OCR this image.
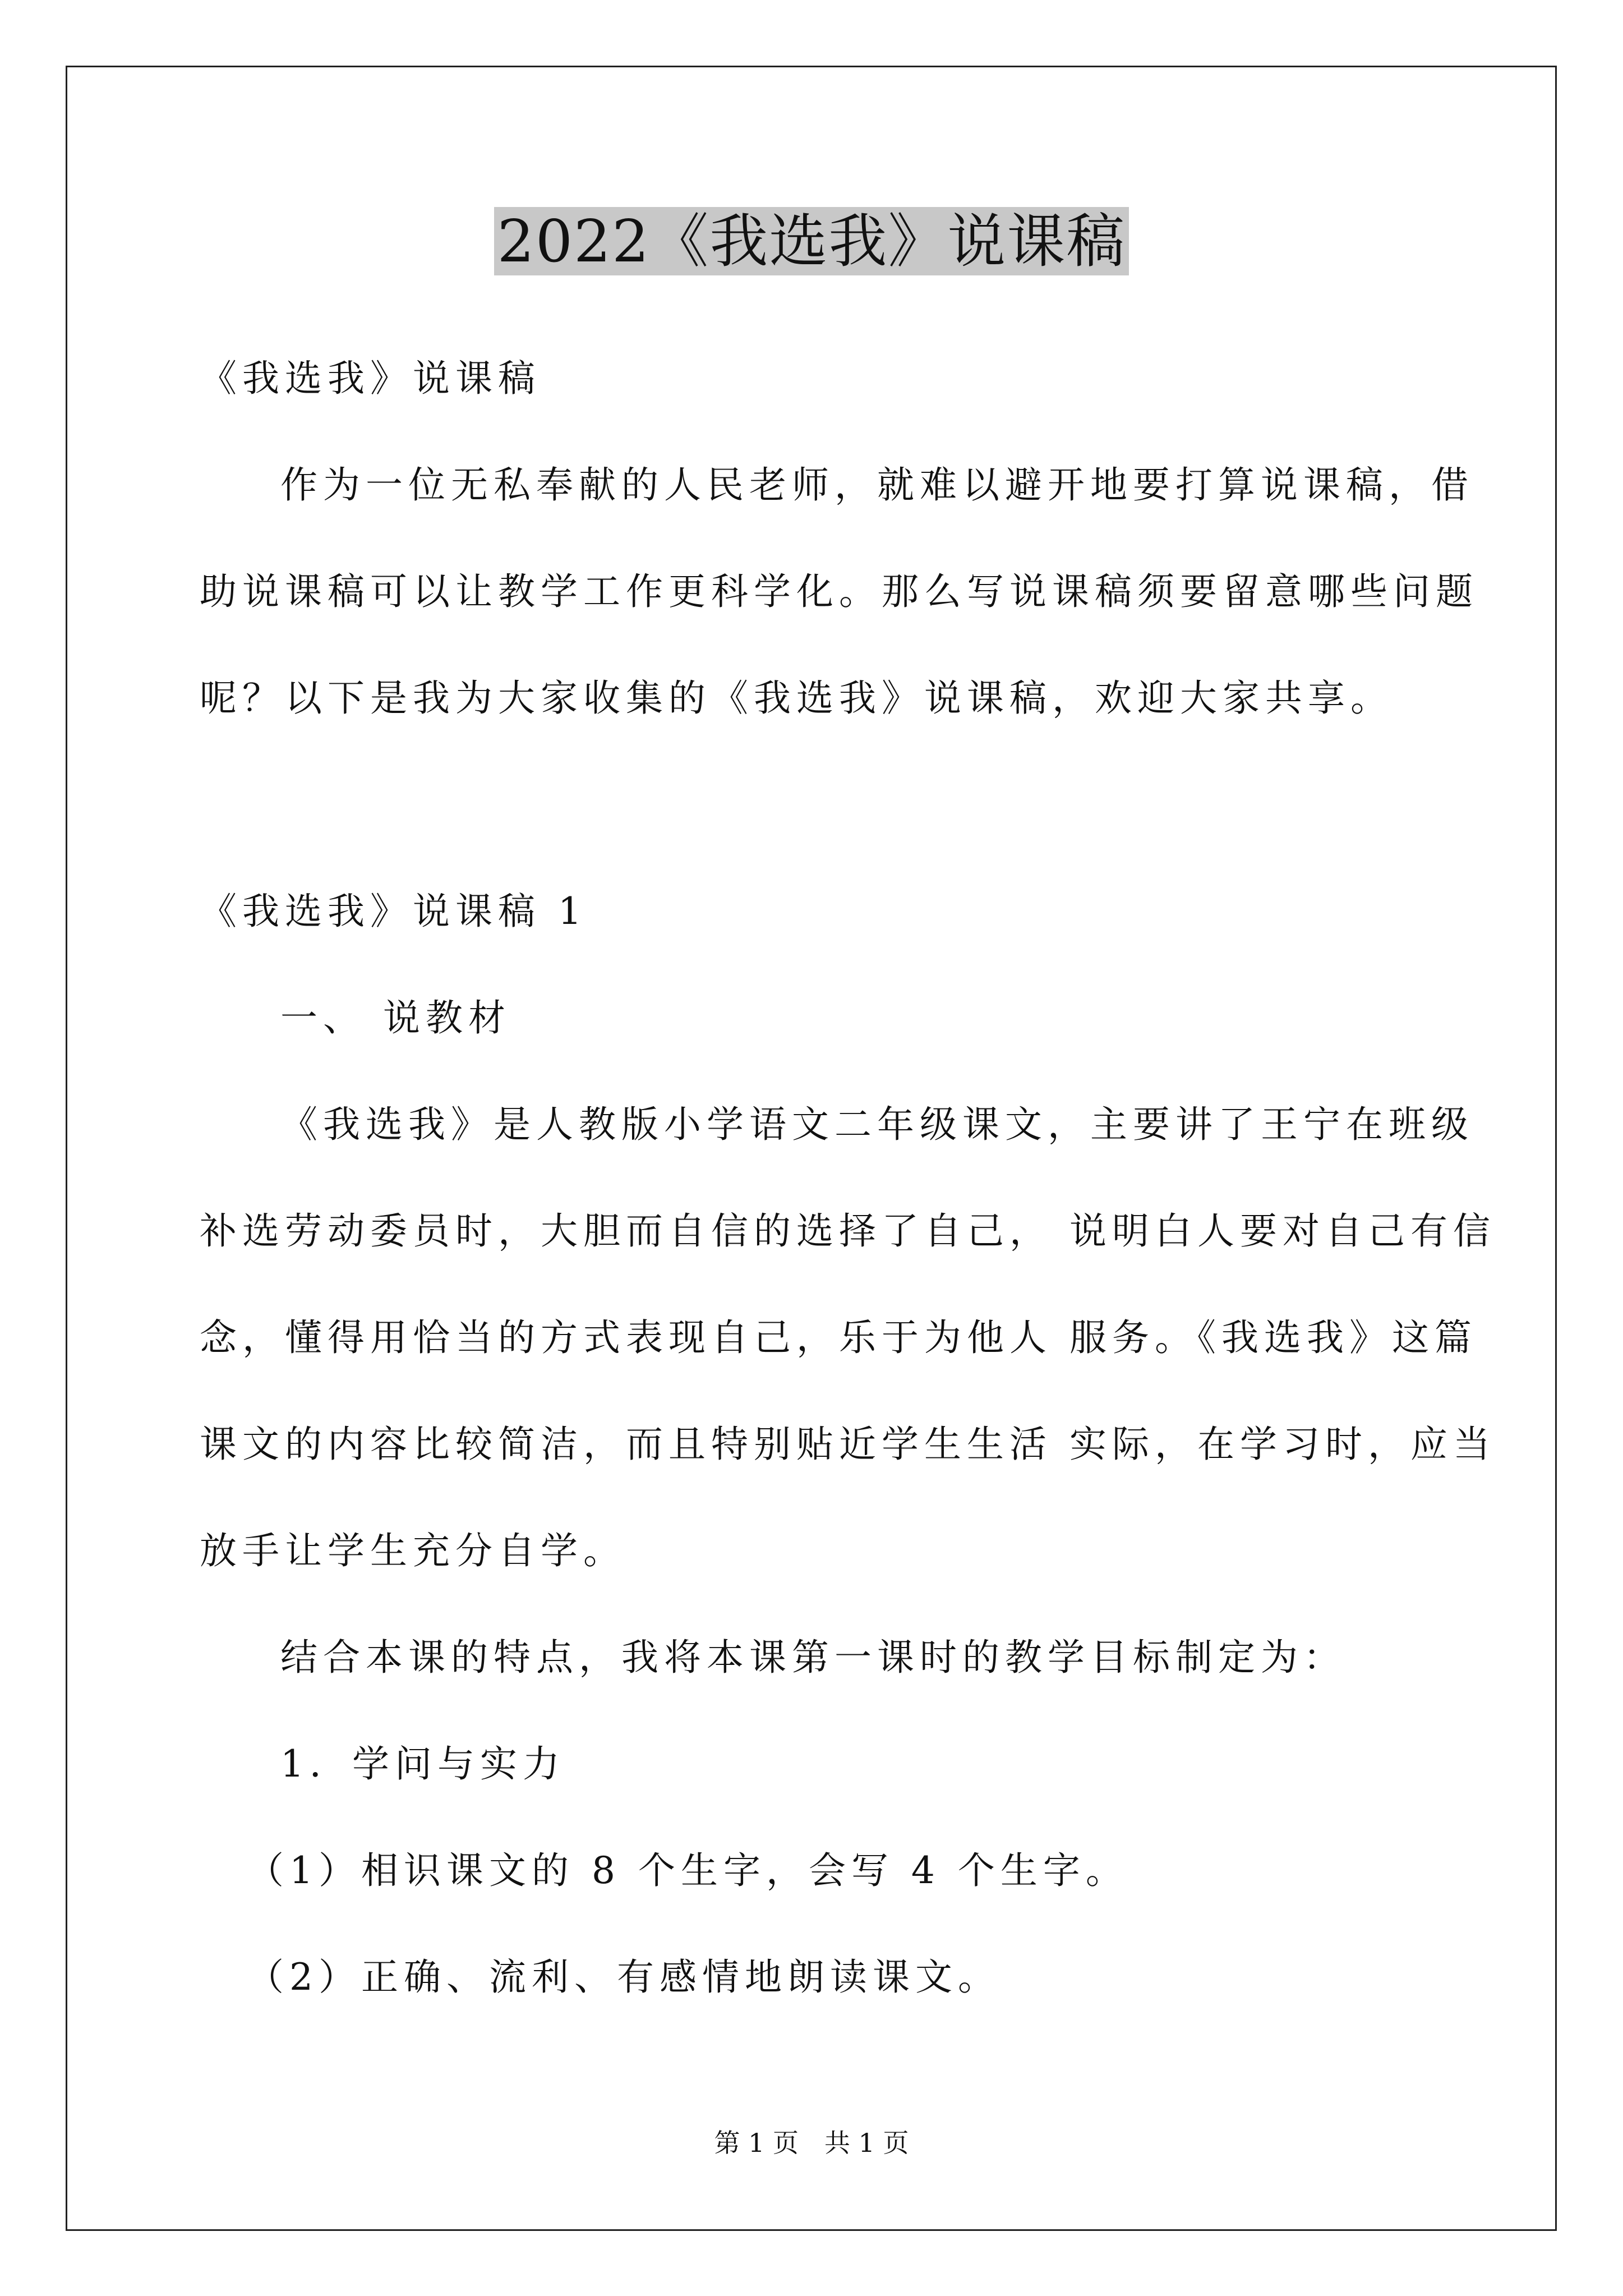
2022《我选我》说课稿
《我选我》说课稿
作为一位无私奉献的人民老师，就难以避开地要打算说课稿，借
助说课稿可以让教学工作更科学化。那么写说课稿须要留意哪些问题
呢？以下是我为大家收集的《我选我》说课稿，欢迎大家共享。
《我选我》说课稿 1
一、 说教材
《我选我》是人教版小学语文二年级课文，主要讲了王宁在班级
补选劳动委员时，大胆而自信的选择了自己， 说明白人要对自己有信
念，懂得用恰当的方式表现自己，乐于为他人 服务。《我选我》这篇
课文的内容比较简洁，而且特别贴近学生生活 实际，在学习时，应当
放手让学生充分自学。
结合本课的特点，我将本课第一课时的教学目标制定为：
1．学问与实力
（1）相识课文的 8 个生字，会写 4 个生字。
（2）正确、流利、有感情地朗读课文。
第 1 页　共 1 页
